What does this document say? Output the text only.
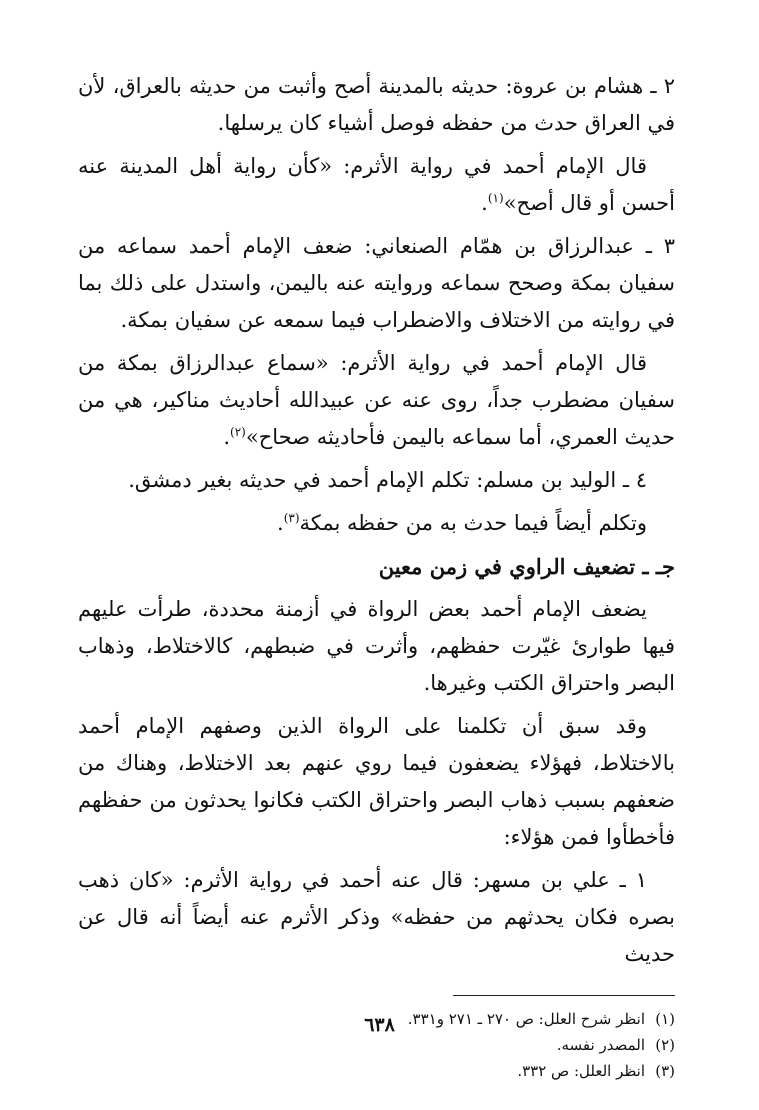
٢ ـ هشام بن عروة: حديثه بالمدينة أصح وأثبت من حديثه بالعراق، لأن في العراق حدث من حفظه فوصل أشياء كان يرسلها.

قال الإمام أحمد في رواية الأثرم: «كأن رواية أهل المدينة عنه أحسن أو قال أصح»$^{(١)}$.

٣ ـ عبدالرزاق بن همّام الصنعاني: ضعف الإمام أحمد سماعه من سفيان بمكة وصحح سماعه وروايته عنه باليمن، واستدل على ذلك بما في روايته من الاختلاف والاضطراب فيما سمعه عن سفيان بمكة.

قال الإمام أحمد في رواية الأثرم: «سماع عبدالرزاق بمكة من سفيان مضطرب جداً، روى عنه عن عبيدالله أحاديث مناكير، هي من حديث العمري، أما سماعه باليمن فأحاديثه صحاح»$^{(٢)}$.

٤ ـ الوليد بن مسلم: تكلم الإمام أحمد في حديثه بغير دمشق.

وتكلم أيضاً فيما حدث به من حفظه بمكة$^{(٣)}$.

جـ ـ تضعيف الراوي في زمن معين

يضعف الإمام أحمد بعض الرواة في أزمنة محددة، طرأت عليهم فيها طوارئ غيّرت حفظهم، وأثرت في ضبطهم، كالاختلاط، وذهاب البصر واحتراق الكتب وغيرها.

وقد سبق أن تكلمنا على الرواة الذين وصفهم الإمام أحمد بالاختلاط، فهؤلاء يضعفون فيما روي عنهم بعد الاختلاط، وهناك من ضعفهم بسبب ذهاب البصر واحتراق الكتب فكانوا يحدثون من حفظهم فأخطأوا فمن هؤلاء:

١ ـ علي بن مسهر: قال عنه أحمد في رواية الأثرم: «كان ذهب بصره فكان يحدثهم من حفظه» وذكر الأثرم عنه أيضاً أنه قال عن حديث

(١)انظر شرح العلل: ص ٢٧٠ ـ ٢٧١ و٣٣١.

(٢)المصدر نفسه.

(٣)انظر العلل: ص ٣٣٢.

٦٣٨
